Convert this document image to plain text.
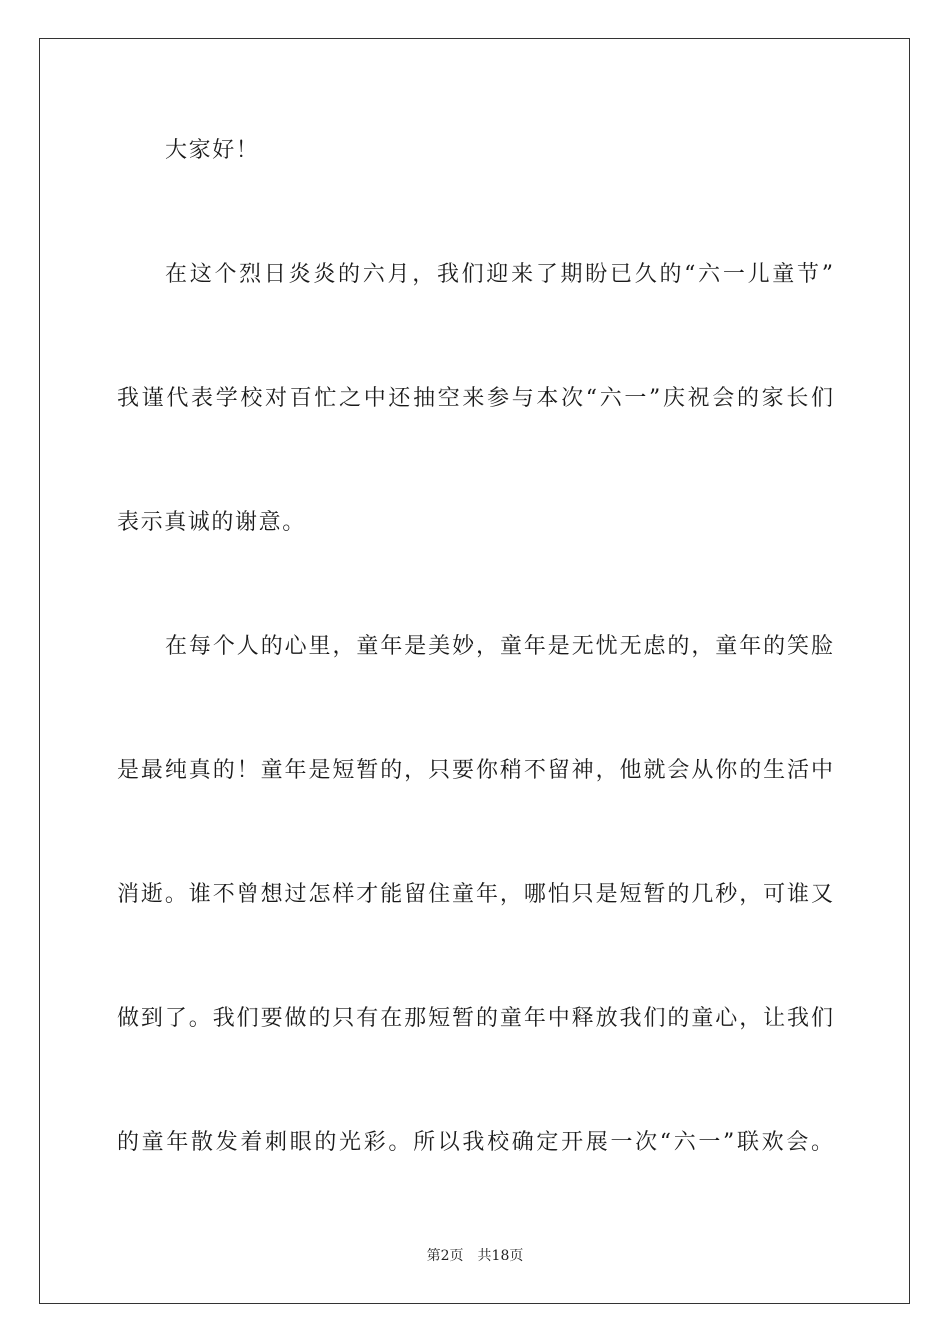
大家好！
在这个烈日炎炎的六月，我们迎来了期盼已久的“六一儿童节”
我谨代表学校对百忙之中还抽空来参与本次“六一”庆祝会的家长们
表示真诚的谢意。
在每个人的心里，童年是美妙，童年是无忧无虑的，童年的笑脸
是最纯真的！童年是短暂的，只要你稍不留神，他就会从你的生活中
消逝。谁不曾想过怎样才能留住童年，哪怕只是短暂的几秒，可谁又
做到了。我们要做的只有在那短暂的童年中释放我们的童心，让我们
的童年散发着刺眼的光彩。所以我校确定开展一次“六一”联欢会。
第2页 共18页
